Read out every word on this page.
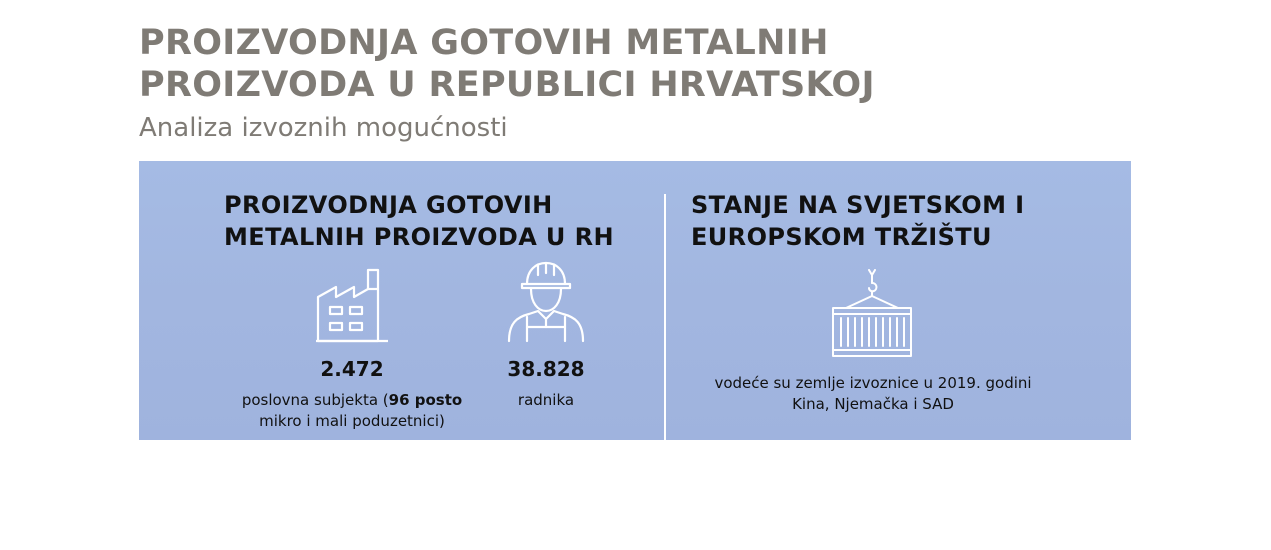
PROIZVODNJA GOTOVIH METALNIH
PROIZVODA U REPUBLICI HRVATSKOJ
Analiza izvoznih mogućnosti
PROIZVODNJA GOTOVIH
METALNIH PROIZVODA U RH
2.472
poslovna subjekta (96 posto
mikro i mali poduzetnici)
38.828
radnika
STANJE NA SVJETSKOM I
EUROPSKOM TRŽIŠTU
vodeće su zemlje izvoznice u 2019. godini
Kina, Njemačka i SAD
